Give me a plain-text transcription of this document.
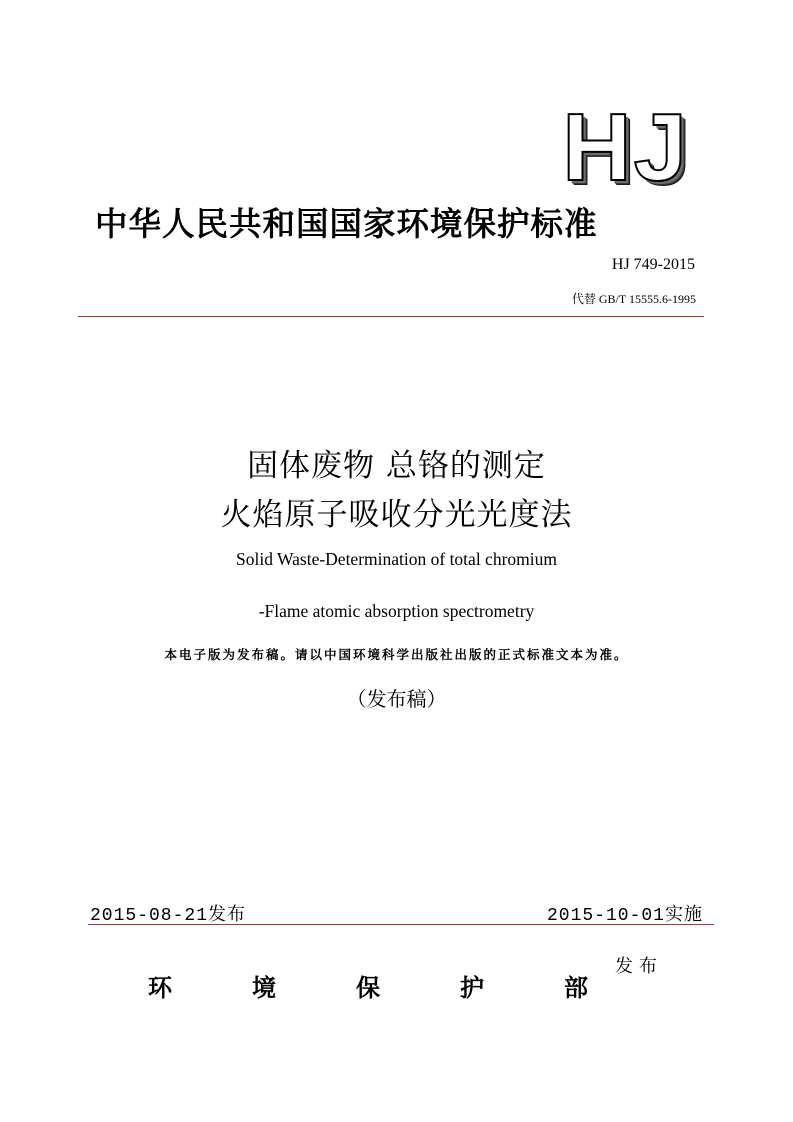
HJ
中华人民共和国国家环境保护标准
HJ 749-2015
代替 GB/T 15555.6-1995
固体废物 总铬的测定
火焰原子吸收分光光度法
Solid Waste-Determination of total chromium
-Flame atomic absorption spectrometry
本电子版为发布稿。请以中国环境科学出版社出版的正式标准文本为准。
（发布稿）
2015-08-21发布	2015-10-01实施
环	境	保	护	部
发布
